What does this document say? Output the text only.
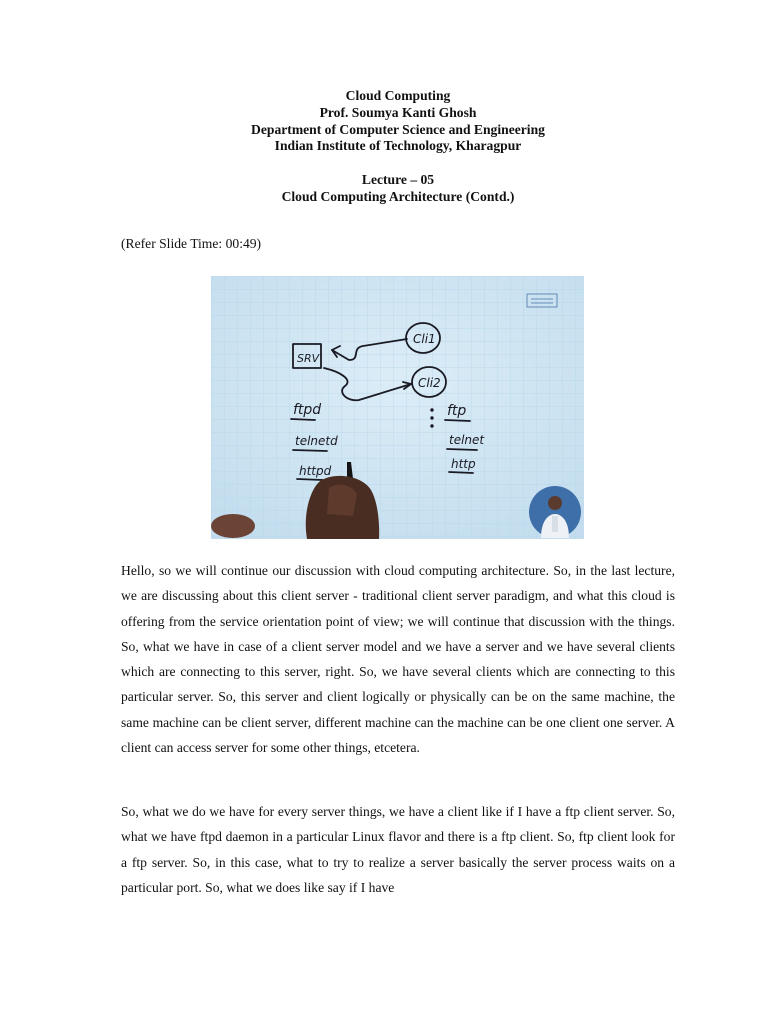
Cloud Computing
Prof. Soumya Kanti Ghosh
Department of Computer Science and Engineering
Indian Institute of Technology, Kharagpur
Lecture – 05
Cloud Computing Architecture (Contd.)
(Refer Slide Time: 00:49)
SRV
Cli1
Cli2
ftpd
telnetd
httpd
ftp
telnet
http
Hello, so we will continue our discussion with cloud computing architecture. So, in the last lecture, we are discussing about this client server - traditional client server paradigm, and what this cloud is offering from the service orientation point of view; we will continue that discussion with the things. So, what we have in case of a client server model and we have a server and we have several clients which are connecting to this server, right. So, we have several clients which are connecting to this particular server. So, this server and client logically or physically can be on the same machine, the same machine can be client server, different machine can the machine can be one client one server. A client can access server for some other things, etcetera.
So, what we do we have for every server things, we have a client like if I have a ftp client server. So, what we have ftpd daemon in a particular Linux flavor and there is a ftp client. So, ftp client look for a ftp server. So, in this case, what to try to realize a server basically the server process waits on a particular port. So, what we does like say if I have
